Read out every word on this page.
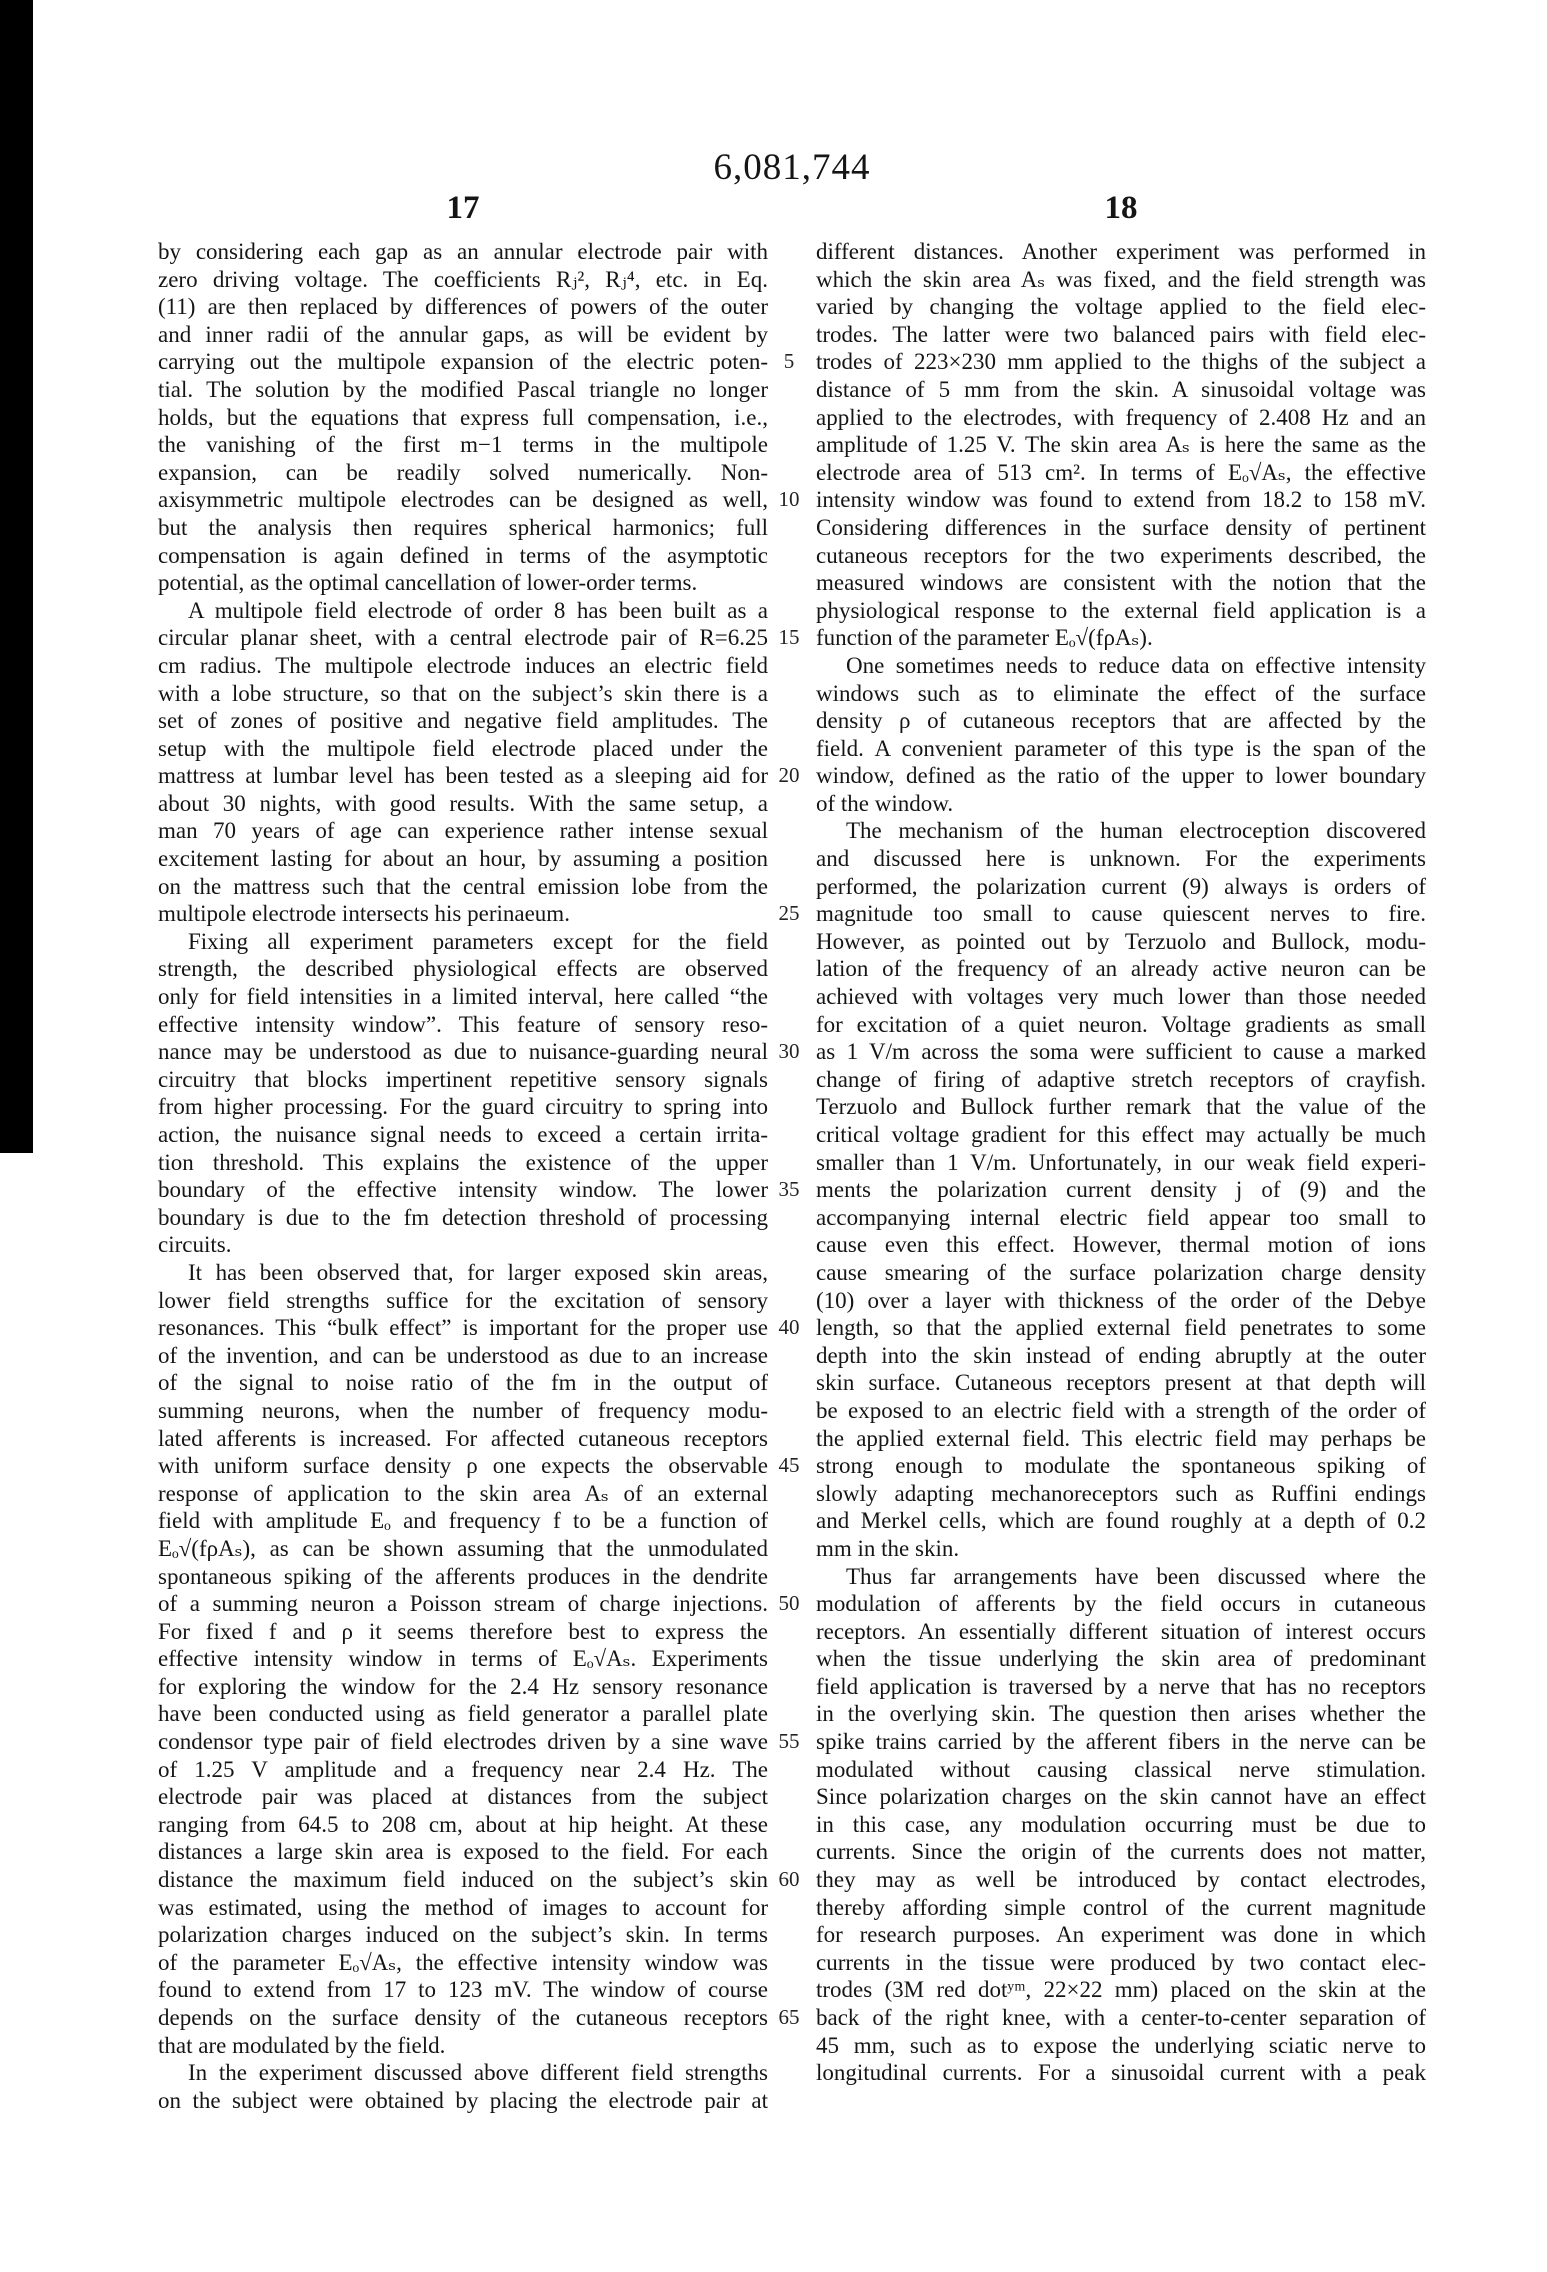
6,081,744
17	18
by considering each gap as an annular electrode pair with
zero driving voltage. The coefficients Rⱼ², Rⱼ⁴, etc. in Eq.
(11) are then replaced by differences of powers of the outer
and inner radii of the annular gaps, as will be evident by
carrying out the multipole expansion of the electric poten-
tial. The solution by the modified Pascal triangle no longer
holds, but the equations that express full compensation, i.e.,
the vanishing of the first m−1 terms in the multipole
expansion, can be readily solved numerically. Non-
axisymmetric multipole electrodes can be designed as well,
but the analysis then requires spherical harmonics; full
compensation is again defined in terms of the asymptotic
potential, as the optimal cancellation of lower-order terms.
A multipole field electrode of order 8 has been built as a
circular planar sheet, with a central electrode pair of R=6.25
cm radius. The multipole electrode induces an electric field
with a lobe structure, so that on the subject’s skin there is a
set of zones of positive and negative field amplitudes. The
setup with the multipole field electrode placed under the
mattress at lumbar level has been tested as a sleeping aid for
about 30 nights, with good results. With the same setup, a
man 70 years of age can experience rather intense sexual
excitement lasting for about an hour, by assuming a position
on the mattress such that the central emission lobe from the
multipole electrode intersects his perinaeum.
Fixing all experiment parameters except for the field
strength, the described physiological effects are observed
only for field intensities in a limited interval, here called “the
effective intensity window”. This feature of sensory reso-
nance may be understood as due to nuisance-guarding neural
circuitry that blocks impertinent repetitive sensory signals
from higher processing. For the guard circuitry to spring into
action, the nuisance signal needs to exceed a certain irrita-
tion threshold. This explains the existence of the upper
boundary of the effective intensity window. The lower
boundary is due to the fm detection threshold of processing
circuits.
It has been observed that, for larger exposed skin areas,
lower field strengths suffice for the excitation of sensory
resonances. This “bulk effect” is important for the proper use
of the invention, and can be understood as due to an increase
of the signal to noise ratio of the fm in the output of
summing neurons, when the number of frequency modu-
lated afferents is increased. For affected cutaneous receptors
with uniform surface density ρ one expects the observable
response of application to the skin area Aₛ of an external
field with amplitude Eₒ and frequency f to be a function of
Eₒ√(fρAₛ), as can be shown assuming that the unmodulated
spontaneous spiking of the afferents produces in the dendrite
of a summing neuron a Poisson stream of charge injections.
For fixed f and ρ it seems therefore best to express the
effective intensity window in terms of Eₒ√Aₛ. Experiments
for exploring the window for the 2.4 Hz sensory resonance
have been conducted using as field generator a parallel plate
condensor type pair of field electrodes driven by a sine wave
of 1.25 V amplitude and a frequency near 2.4 Hz. The
electrode pair was placed at distances from the subject
ranging from 64.5 to 208 cm, about at hip height. At these
distances a large skin area is exposed to the field. For each
distance the maximum field induced on the subject’s skin
was estimated, using the method of images to account for
polarization charges induced on the subject’s skin. In terms
of the parameter Eₒ√Aₛ, the effective intensity window was
found to extend from 17 to 123 mV. The window of course
depends on the surface density of the cutaneous receptors
that are modulated by the field.
In the experiment discussed above different field strengths
on the subject were obtained by placing the electrode pair at
5
10
15
20
25
30
35
40
45
50
55
60
65
different distances. Another experiment was performed in
which the skin area Aₛ was fixed, and the field strength was
varied by changing the voltage applied to the field elec-
trodes. The latter were two balanced pairs with field elec-
trodes of 223×230 mm applied to the thighs of the subject a
distance of 5 mm from the skin. A sinusoidal voltage was
applied to the electrodes, with frequency of 2.408 Hz and an
amplitude of 1.25 V. The skin area Aₛ is here the same as the
electrode area of 513 cm². In terms of Eₒ√Aₛ, the effective
intensity window was found to extend from 18.2 to 158 mV.
Considering differences in the surface density of pertinent
cutaneous receptors for the two experiments described, the
measured windows are consistent with the notion that the
physiological response to the external field application is a
function of the parameter Eₒ√(fρAₛ).
One sometimes needs to reduce data on effective intensity
windows such as to eliminate the effect of the surface
density ρ of cutaneous receptors that are affected by the
field. A convenient parameter of this type is the span of the
window, defined as the ratio of the upper to lower boundary
of the window.
The mechanism of the human electroception discovered
and discussed here is unknown. For the experiments
performed, the polarization current (9) always is orders of
magnitude too small to cause quiescent nerves to fire.
However, as pointed out by Terzuolo and Bullock, modu-
lation of the frequency of an already active neuron can be
achieved with voltages very much lower than those needed
for excitation of a quiet neuron. Voltage gradients as small
as 1 V/m across the soma were sufficient to cause a marked
change of firing of adaptive stretch receptors of crayfish.
Terzuolo and Bullock further remark that the value of the
critical voltage gradient for this effect may actually be much
smaller than 1 V/m. Unfortunately, in our weak field experi-
ments the polarization current density j of (9) and the
accompanying internal electric field appear too small to
cause even this effect. However, thermal motion of ions
cause smearing of the surface polarization charge density
(10) over a layer with thickness of the order of the Debye
length, so that the applied external field penetrates to some
depth into the skin instead of ending abruptly at the outer
skin surface. Cutaneous receptors present at that depth will
be exposed to an electric field with a strength of the order of
the applied external field. This electric field may perhaps be
strong enough to modulate the spontaneous spiking of
slowly adapting mechanoreceptors such as Ruffini endings
and Merkel cells, which are found roughly at a depth of 0.2
mm in the skin.
Thus far arrangements have been discussed where the
modulation of afferents by the field occurs in cutaneous
receptors. An essentially different situation of interest occurs
when the tissue underlying the skin area of predominant
field application is traversed by a nerve that has no receptors
in the overlying skin. The question then arises whether the
spike trains carried by the afferent fibers in the nerve can be
modulated without causing classical nerve stimulation.
Since polarization charges on the skin cannot have an effect
in this case, any modulation occurring must be due to
currents. Since the origin of the currents does not matter,
they may as well be introduced by contact electrodes,
thereby affording simple control of the current magnitude
for research purposes. An experiment was done in which
currents in the tissue were produced by two contact elec-
trodes (3M red dotʸᵐ, 22×22 mm) placed on the skin at the
back of the right knee, with a center-to-center separation of
45 mm, such as to expose the underlying sciatic nerve to
longitudinal currents. For a sinusoidal current with a peak
